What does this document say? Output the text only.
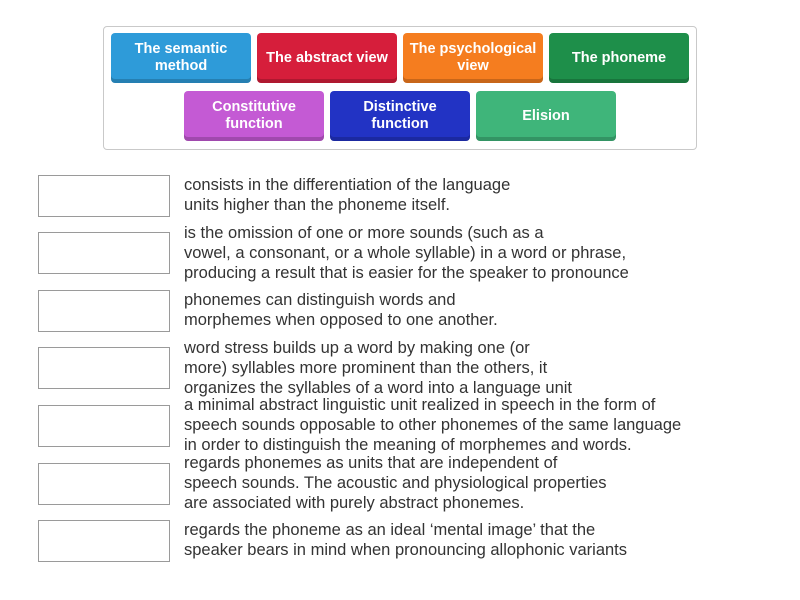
The semantic method
The abstract view
The psychological view
The phoneme
Constitutive function
Distinctive function
Elision
consists in the differentiation of the language
units higher than the phoneme itself.
is the omission of one or more sounds (such as a
vowel, a consonant, or a whole syllable) in a word or phrase,
producing a result that is easier for the speaker to pronounce
phonemes can distinguish words and
morphemes when opposed to one another.
word stress builds up a word by making one (or
more) syllables more prominent than the others, it
organizes the syllables of a word into a language unit
a minimal abstract linguistic unit realized in speech in the form of
speech sounds opposable to other phonemes of the same language
in order to distinguish the meaning of morphemes and words.
regards phonemes as units that are independent of
speech sounds. The acoustic and physiological properties
are associated with purely abstract phonemes.
regards the phoneme as an ideal ‘mental image’ that the
speaker bears in mind when pronouncing allophonic variants
